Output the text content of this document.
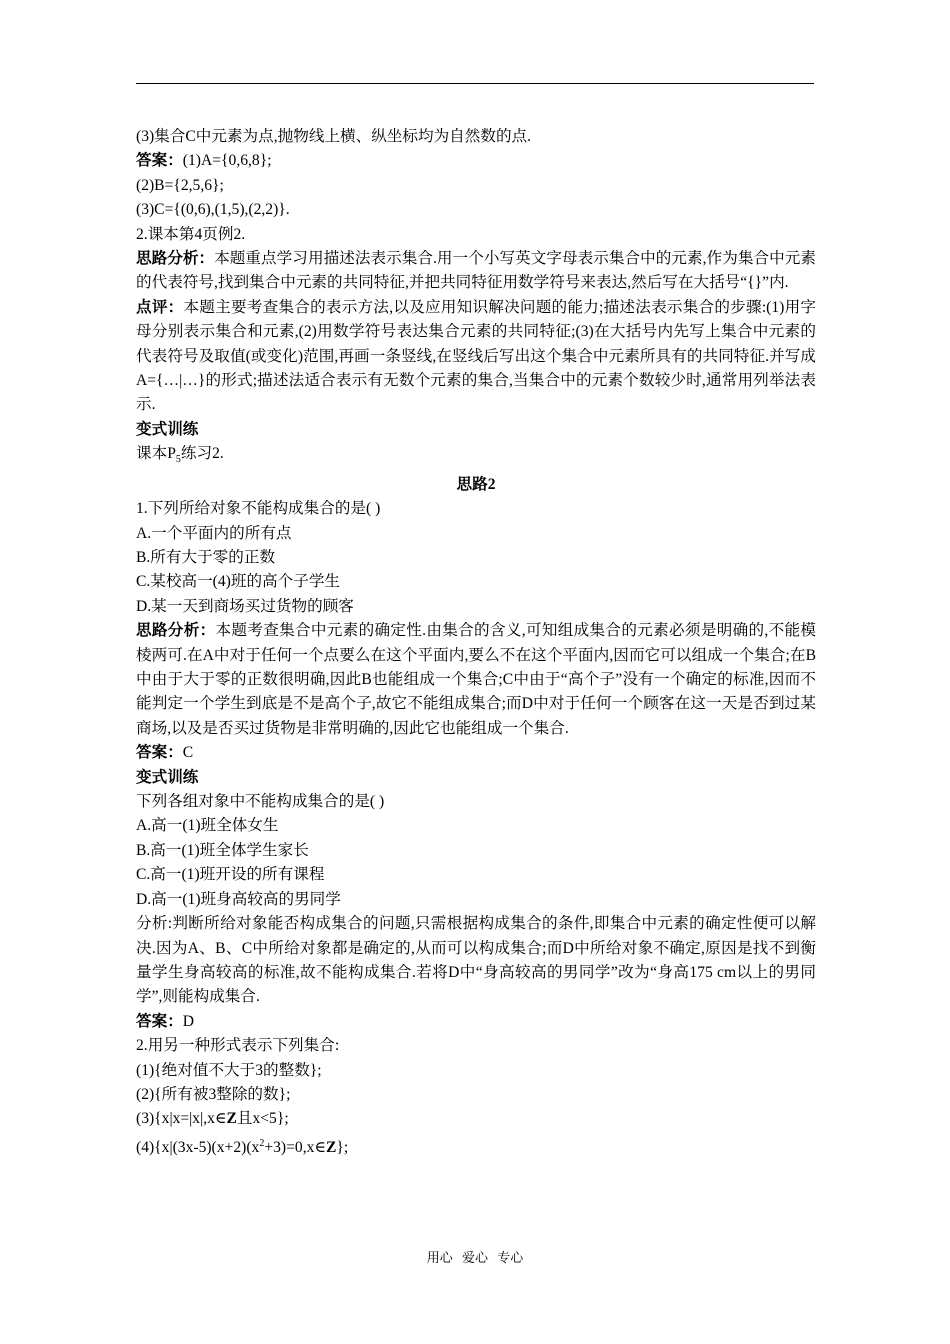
(3)集合C中元素为点,抛物线上横、纵坐标均为自然数的点.
答案：(1)A={0,6,8};
(2)B={2,5,6};
(3)C={(0,6),(1,5),(2,2)}.
2.课本第4页例2.
思路分析：本题重点学习用描述法表示集合.用一个小写英文字母表示集合中的元素,作为集合中元素的代表符号,找到集合中元素的共同特征,并把共同特征用数学符号来表达,然后写在大括号“{}”内.
点评：本题主要考查集合的表示方法,以及应用知识解决问题的能力;描述法表示集合的步骤:(1)用字母分别表示集合和元素,(2)用数学符号表达集合元素的共同特征;(3)在大括号内先写上集合中元素的代表符号及取值(或变化)范围,再画一条竖线,在竖线后写出这个集合中元素所具有的共同特征.并写成A={…|…}的形式;描述法适合表示有无数个元素的集合,当集合中的元素个数较少时,通常用列举法表示.
变式训练
课本$P_5$练习2.
思路2
1.下列所给对象不能构成集合的是( )
A.一个平面内的所有点
B.所有大于零的正数
C.某校高一(4)班的高个子学生
D.某一天到商场买过货物的顾客
思路分析：本题考查集合中元素的确定性.由集合的含义,可知组成集合的元素必须是明确的,不能模棱两可.在A中对于任何一个点要么在这个平面内,要么不在这个平面内,因而它可以组成一个集合;在B中由于大于零的正数很明确,因此B也能组成一个集合;C中由于“高个子”没有一个确定的标准,因而不能判定一个学生到底是不是高个子,故它不能组成集合;而D中对于任何一个顾客在这一天是否到过某商场,以及是否买过货物是非常明确的,因此它也能组成一个集合.
答案：C
变式训练
下列各组对象中不能构成集合的是( )
A.高一(1)班全体女生
B.高一(1)班全体学生家长
C.高一(1)班开设的所有课程
D.高一(1)班身高较高的男同学
分析:判断所给对象能否构成集合的问题,只需根据构成集合的条件,即集合中元素的确定性便可以解决.因为A、B、C中所给对象都是确定的,从而可以构成集合;而D中所给对象不确定,原因是找不到衡量学生身高较高的标准,故不能构成集合.若将D中“身高较高的男同学”改为“身高175 cm以上的男同学”,则能构成集合.
答案：D
2.用另一种形式表示下列集合:
(1){绝对值不大于3的整数};
(2){所有被3整除的数};
(3){x|x=|x|,x∈Z且x<5};
$(4)\{x|(3x-5)(x+2)(x^2+3)=0,x\in Z\}$;
用心 爱心 专心
